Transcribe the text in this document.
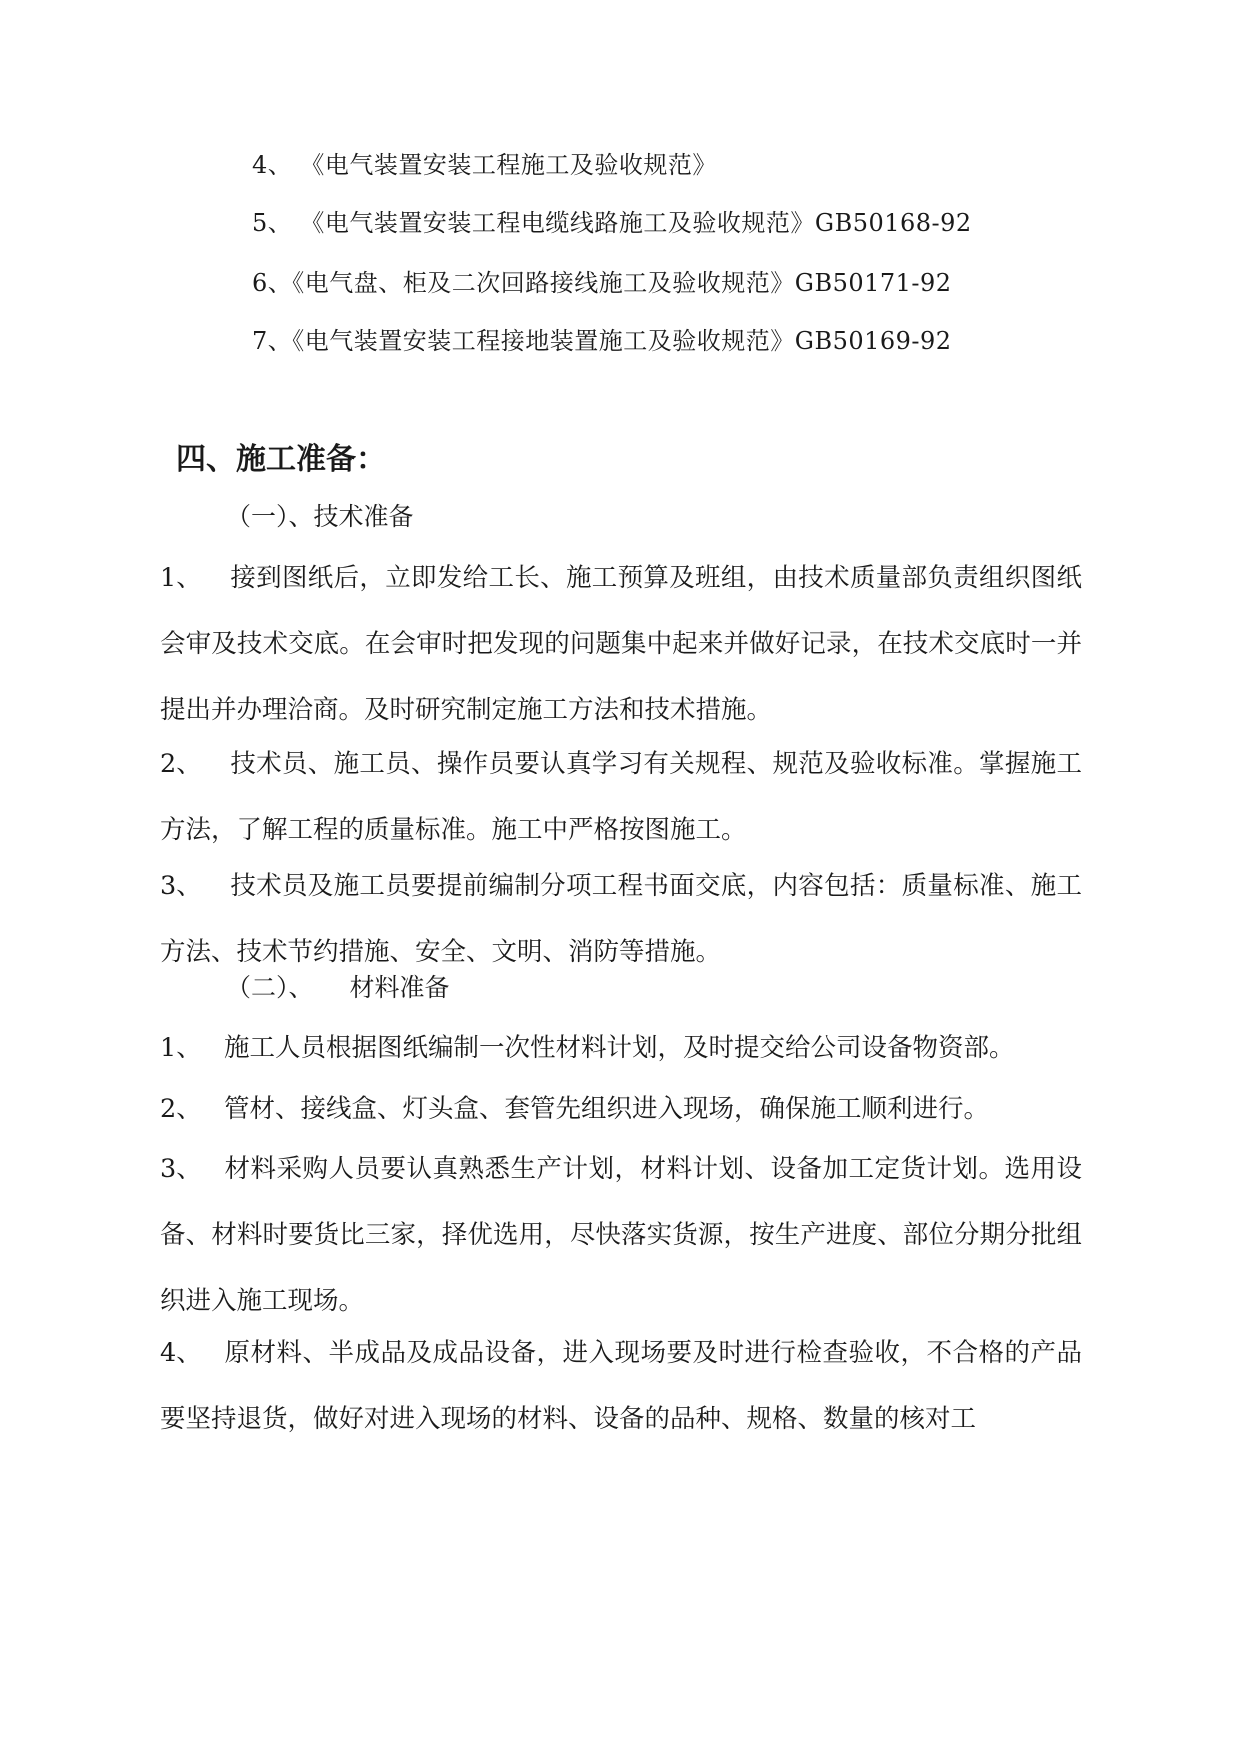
4、 《电气装置安装工程施工及验收规范》
5、 《电气装置安装工程电缆线路施工及验收规范》GB50168-92
6、《电气盘、柜及二次回路接线施工及验收规范》GB50171-92
7、《电气装置安装工程接地装置施工及验收规范》GB50169-92
四、施工准备：
（一）、技术准备
1、 接到图纸后，立即发给工长、施工预算及班组，由技术质量部负责组织图纸会审及技术交底。在会审时把发现的问题集中起来并做好记录，在技术交底时一并提出并办理洽商。及时研究制定施工方法和技术措施。
2、 技术员、施工员、操作员要认真学习有关规程、规范及验收标准。掌握施工方法，了解工程的质量标准。施工中严格按图施工。
3、 技术员及施工员要提前编制分项工程书面交底，内容包括：质量标准、施工方法、技术节约措施、安全、文明、消防等措施。
（二）、 材料准备
1、 施工人员根据图纸编制一次性材料计划，及时提交给公司设备物资部。
2、 管材、接线盒、灯头盒、套管先组织进入现场，确保施工顺利进行。
3、 材料采购人员要认真熟悉生产计划，材料计划、设备加工定货计划。选用设备、材料时要货比三家，择优选用，尽快落实货源，按生产进度、部位分期分批组织进入施工现场。
4、 原材料、半成品及成品设备，进入现场要及时进行检查验收，不合格的产品要坚持退货，做好对进入现场的材料、设备的品种、规格、数量的核对工
